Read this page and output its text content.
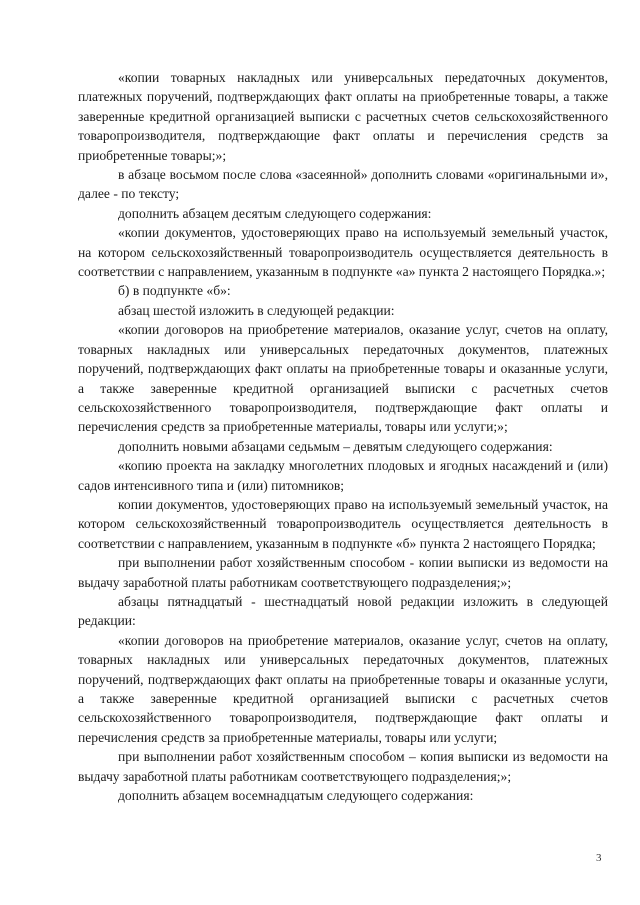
«копии товарных накладных или универсальных передаточных документов, платежных поручений, подтверждающих факт оплаты на приобретенные товары, а также заверенные кредитной организацией выписки с расчетных счетов сельскохозяйственного товаропроизводителя, подтверждающие факт оплаты и перечисления средств за приобретенные товары;»;

в абзаце восьмом после слова «засеянной» дополнить словами «оригинальными и», далее - по тексту;

дополнить абзацем десятым следующего содержания:

«копии документов, удостоверяющих право на используемый земельный участок, на котором сельскохозяйственный товаропроизводитель осуществляется деятельность в соответствии с направлением, указанным в подпункте «а» пункта 2 настоящего Порядка.»;

б) в подпункте «б»:

абзац шестой изложить в следующей редакции:

«копии договоров на приобретение материалов, оказание услуг, счетов на оплату, товарных накладных или универсальных передаточных документов, платежных поручений, подтверждающих факт оплаты на приобретенные товары и оказанные услуги, а также заверенные кредитной организацией выписки с расчетных счетов сельскохозяйственного товаропроизводителя, подтверждающие факт оплаты и перечисления средств за приобретенные материалы, товары или услуги;»;

дополнить новыми абзацами седьмым – девятым следующего содержания:

«копию проекта на закладку многолетних плодовых и ягодных насаждений и (или) садов интенсивного типа и (или) питомников;

копии документов, удостоверяющих право на используемый земельный участок, на котором сельскохозяйственный товаропроизводитель осуществляется деятельность в соответствии с направлением, указанным в подпункте «б» пункта 2 настоящего Порядка;

при выполнении работ хозяйственным способом - копии выписки из ведомости на выдачу заработной платы работникам соответствующего подразделения;»;

абзацы пятнадцатый - шестнадцатый новой редакции изложить в следующей редакции:

«копии договоров на приобретение материалов, оказание услуг, счетов на оплату, товарных накладных или универсальных передаточных документов, платежных поручений, подтверждающих факт оплаты на приобретенные товары и оказанные услуги, а также заверенные кредитной организацией выписки с расчетных счетов сельскохозяйственного товаропроизводителя, подтверждающие факт оплаты и перечисления средств за приобретенные материалы, товары или услуги;

при выполнении работ хозяйственным способом – копия выписки из ведомости на выдачу заработной платы работникам соответствующего подразделения;»;

дополнить абзацем восемнадцатым следующего содержания:

3
